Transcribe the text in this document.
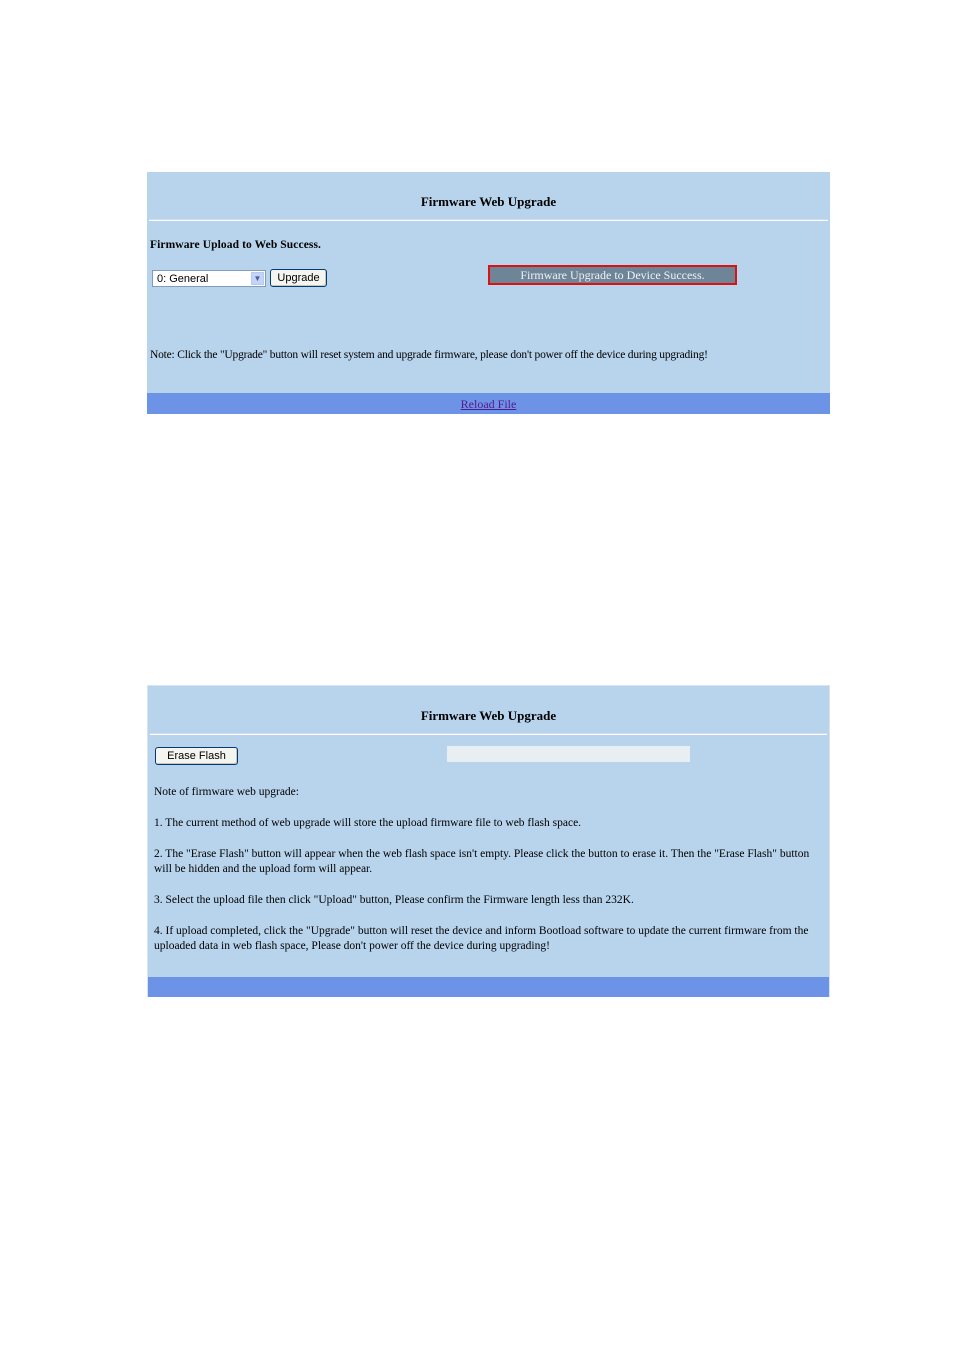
Firmware Web Upgrade
Firmware Upload to Web Success.
0: General	▼	Upgrade	Firmware Upgrade to Device Success.
Note: Click the "Upgrade" button will reset system and upgrade firmware, please don't power off the device during upgrading!
Reload File
Firmware Web Upgrade
Erase Flash
Note of firmware web upgrade:
1. The current method of web upgrade will store the upload firmware file to web flash space.
2. The "Erase Flash" button will appear when the web flash space isn't empty. Please click the button to erase it. Then the "Erase Flash" button will be hidden and the upload form will appear.
3. Select the upload file then click "Upload" button, Please confirm the Firmware length less than 232K.
4. If upload completed, click the "Upgrade" button will reset the device and inform Bootload software to update the current firmware from the uploaded data in web flash space, Please don't power off the device during upgrading!
